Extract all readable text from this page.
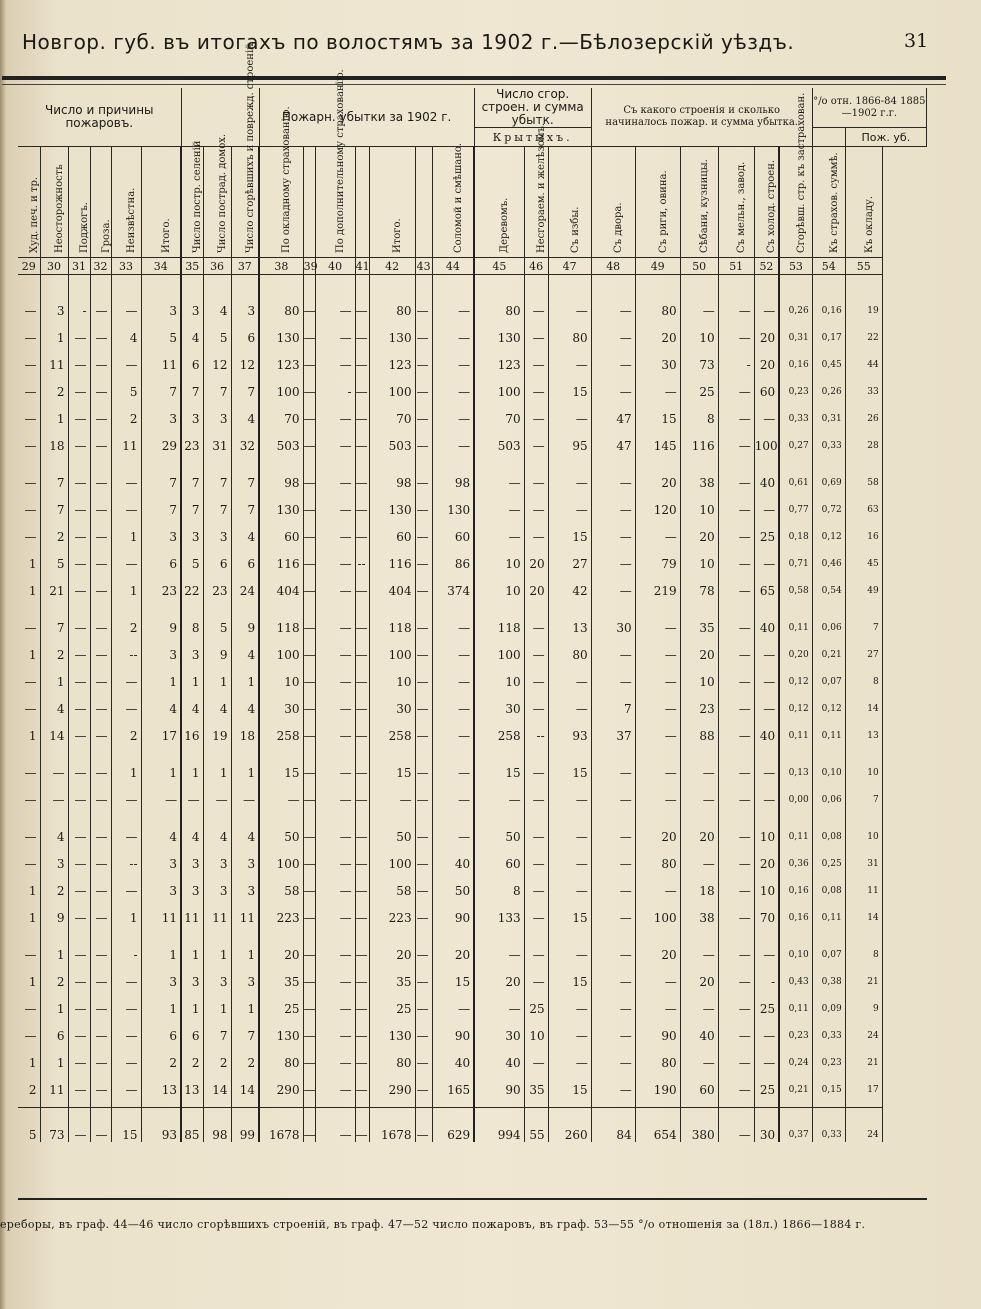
Новгор. губ. въ итогахъ по волостямъ за 1902 г.—Бѣлозерскій уѣздъ.	31
Число и причины пожаровъ.									Пожарн. убытки за 1902 г.							Число сгор. строен. и сумма убытк.			Съ какого строенія и сколько начиналось пожар. и сумма убытка.						°/о отн. 1866-84 1885—1902 г.г.	
																Крытыхъ.										Пож. уб.

Худ. печ. и тр.	Неосторожность	Поджогъ.	Гроза.	Неизвѣстна.	Итого.	Число постр. селеній	Число пострад. домох.	Число сгорѣвшихъ и поврежд. строеній	По окладному страхованію.		По дополнительному страхованію.		Итого.		Соломой и смѣшано.	Деревомъ.	Несгораем. и желѣзомъ.	Съ избы.	Съ двора.	Съ риги, овина.	Сѣбани, кузницы.	Съ мельн., завод.	Съ холод. строен.	Сгорѣвш. стр. къ застрахован.	Къ страхов. суммѣ.	Къ окладу.

29	30	31	32	33	34	35	36	37	38	39	40	41	42	43	44	45	46	47	48	49	50	51	52	53	54	55

—	3	-	—	—	3	3	4	3	80	—	—	—	80	—	—	80	—	—	—	80	—	—	—	0,26	0,16	19
—	1	—	—	4	5	4	5	6	130	—	—	—	130	—	—	130	—	80	—	20	10	—	20	0,31	0,17	22
—	11	—	—	—	11	6	12	12	123	—	—	—	123	—	—	123	—	—	—	30	73	-	20	0,16	0,45	44
—	2	—	—	5	7	7	7	7	100	—	-	—	100	—	—	100	—	15	—	—	25	—	60	0,23	0,26	33
—	1	—	—	2	3	3	3	4	70	—	—	—	70	—	—	70	—	—	47	15	8	—	—	0,33	0,31	26
—	18	—	—	11	29	23	31	32	503	—	—	—	503	—	—	503	—	95	47	145	116	—	100	0,27	0,33	28

—	7	—	—	—	7	7	7	7	98	—	—	—	98	—	98	—	—	—	—	20	38	—	40	0,61	0,69	58
—	7	—	—	—	7	7	7	7	130	—	—	—	130	—	130	—	—	—	—	120	10	—	—	0,77	0,72	63
—	2	—	—	1	3	3	3	4	60	—	—	—	60	—	60	—	—	15	—	—	20	—	25	0,18	0,12	16
1	5	—	—	—	6	5	6	6	116	—	—	--	116	—	86	10	20	27	—	79	10	—	—	0,71	0,46	45
1	21	—	—	1	23	22	23	24	404	—	—	—	404	—	374	10	20	42	—	219	78	—	65	0,58	0,54	49

—	7	—	—	2	9	8	5	9	118	—	—	—	118	—	—	118	—	13	30	—	35	—	40	0,11	0,06	7
1	2	—	—	--	3	3	9	4	100	—	—	—	100	—	—	100	—	80	—	—	20	—	—	0,20	0,21	27
—	1	—	—	—	1	1	1	1	10	—	—	—	10	—	—	10	—	—	—	—	10	—	—	0,12	0,07	8
—	4	—	—	—	4	4	4	4	30	—	—	—	30	—	—	30	—	—	7	—	23	—	—	0,12	0,12	14
1	14	—	—	2	17	16	19	18	258	—	—	—	258	—	—	258	--	93	37	—	88	—	40	0,11	0,11	13

—	—	—	—	1	1	1	1	1	15	—	—	—	15	—	—	15	—	15	—	—	—	—	—	0,13	0,10	10
—	—	—	—	—	—	—	—	—	—	—	—	—	—	—	—	—	—	—	—	—	—	—	—	0,00	0,06	7

—	4	—	—	—	4	4	4	4	50	—	—	—	50	—	—	50	—	—	—	20	20	—	10	0,11	0,08	10
—	3	—	—	--	3	3	3	3	100	—	—	—	100	—	40	60	—	—	—	80	—	—	20	0,36	0,25	31
1	2	—	—	—	3	3	3	3	58	—	—	—	58	—	50	8	—	—	—	—	18	—	10	0,16	0,08	11
1	9	—	—	1	11	11	11	11	223	—	—	—	223	—	90	133	—	15	—	100	38	—	70	0,16	0,11	14

—	1	—	—	-	1	1	1	1	20	—	—	—	20	—	20	—	—	—	—	20	—	—	—	0,10	0,07	8
1	2	—	—	—	3	3	3	3	35	—	—	—	35	—	15	20	—	15	—	—	20	—	-	0,43	0,38	21
—	1	—	—	—	1	1	1	1	25	—	—	—	25	—	—	—	25	—	—	—	—	—	25	0,11	0,09	9
—	6	—	—	—	6	6	7	7	130	—	—	—	130	—	90	30	10	—	—	90	40	—	—	0,23	0,33	24
1	1	—	—	—	2	2	2	2	80	—	—	—	80	—	40	40	—	—	—	80	—	—	—	0,24	0,23	21
2	11	—	—	—	13	13	14	14	290	—	—	—	290	—	165	90	35	15	—	190	60	—	25	0,21	0,15	17

5	73	—	—	15	93	85	98	99	1678	—	—	—	1678	—	629	994	55	260	84	654	380	—	30	0,37	0,33	24
ереборы, въ граф. 44—46 число сгорѣвшихъ строеній, въ граф. 47—52 число пожаровъ, въ граф. 53—55 °/о отношенія за (18л.) 1866—1884 г.
